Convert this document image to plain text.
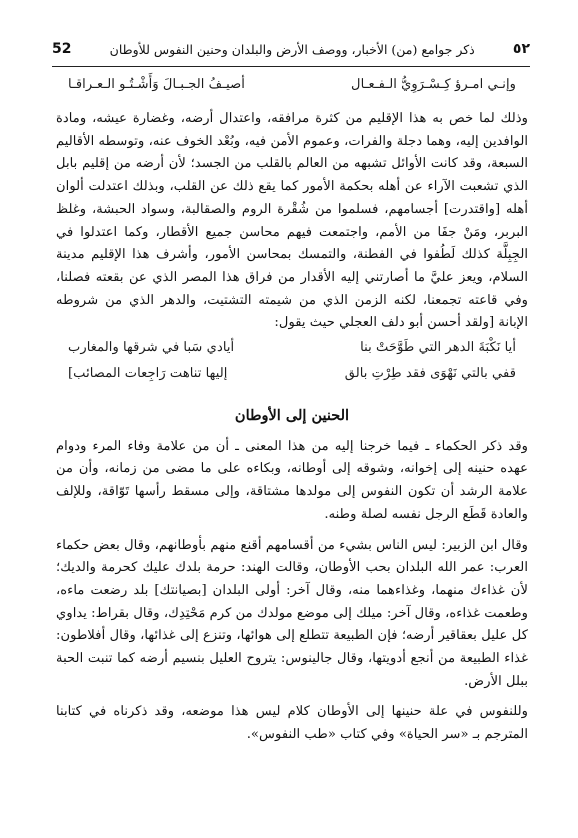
52	ذكر جوامع (من) الأخبار، ووصف الأرض والبلدان وحنين النفوس للأوطان	٥٢
وإنـي امـرؤ كِـسْـرَوِيُّ الـفـعـال
أصيـفُ الجـبـالَ وَأَشْـتُـو الـعـراقـا

وذلك لما خص به هذا الإقليم من كثرة مرافقه، واعتدال أرضه، وغضارة عيشه، ومادة الوافدين إليه، وهما دجلة والفرات، وعموم الأمن فيه، وبُعْد الخوف عنه، وتوسطه الأقاليم السبعة، وقد كانت الأوائل تشبهه من العالم بالقلب من الجسد؛ لأن أرضه من إقليم بابل الذي تشعبت الآراء عن أهله بحكمة الأمور كما يقع ذلك عن القلب، وبذلك اعتدلت ألوان أهله [واقتدرت] أجسامهم، فسلموا من شُقْرة الروم والصقالبة، وسواد الحبشة، وغلظ البربر، ومَنْ جفَا من الأمم، واجتمعت فيهم محاسن جميع الأقطار، وكما اعتدلوا في الجِبِلَّة كذلك لَطُفوا في الفطنة، والتمسك بمحاسن الأمور، وأشرف هذا الإقليم مدينة السلام، ويعز عليَّ ما أصارتني إليه الأقدار من فراق هذا المصر الذي عن بقعته فصلنا، وفي قاعته تجمعنا، لكنه الزمن الذي من شيمته التشتيت، والدهر الذي من شروطه الإبانة [ولقد أحسن أبو دلف العجلي حيث يقول:

أيا نَكْبَةَ الدهر التي طَوَّحَتْ بنا
أيادي سَبا في شرقها والمغارب
قفي بالتي نَهْوَى فقد طِرْتِ بالق
إليها تناهت رَاجِعات المصائب]
الحنين إلى الأوطان

وقد ذكر الحكماء ـ فيما خرجنا إليه من هذا المعنى ـ أن من علامة وفاء المرء ودوام عهده حنينه إلى إخوانه، وشوقه إلى أوطانه، وبكاءه على ما مضى من زمانه، وأن من علامة الرشد أن تكون النفوس إلى مولدها مشتاقة، وإلى مسقط رأسها تَوّاقة، وللإلف والعادة قَطَع الرجل نفسه لصلة وطنه.

وقال ابن الزبير: ليس الناس بشيء من أقسامهم أقنع منهم بأوطانهم، وقال بعض حكماء العرب: عمر الله البلدان بحب الأوطان، وقالت الهند: حرمة بلدك عليك كحرمة والديك؛ لأن غذاءك منهما، وغذاءهما منه، وقال آخر: أولى البلدان [بصيانتك] بلد رضعت ماءه، وطعمت غذاءه، وقال آخر: ميلك إلى موضع مولدك من كرم مَحْتِدِك، وقال بقراط: يداوي كل عليل بعقاقير أرضه؛ فإن الطبيعة تتطلع إلى هوائها، وتنزع إلى غذائها، وقال أفلاطون: غذاء الطبيعة من أنجع أدويتها، وقال جالينوس: يتروح العليل بنسيم أرضه كما تنبت الحبة ببلل الأرض.

وللنفوس في علة حنينها إلى الأوطان كلام ليس هذا موضعه، وقد ذكرناه في كتابنا المترجم بـ «سر الحياة» وفي كتاب «طب النفوس».
